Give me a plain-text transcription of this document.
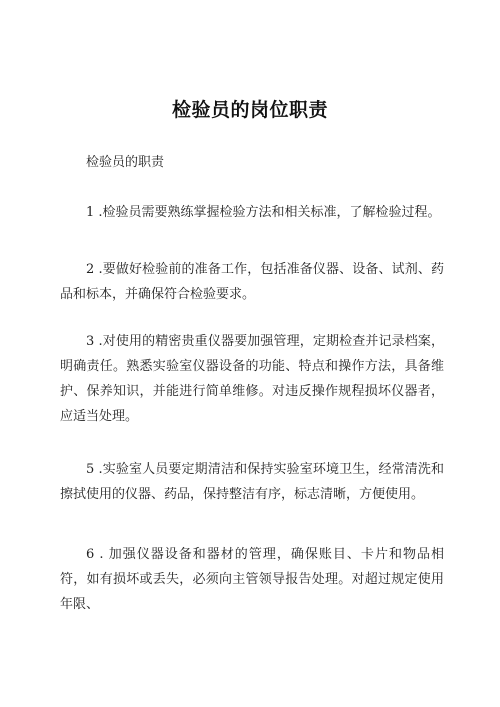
检验员的岗位职责

检验员的职责

1 .检验员需要熟练掌握检验方法和相关标准，了解检验过程。

2 .要做好检验前的准备工作，包括准备仪器、设备、试剂、药品和标本，并确保符合检验要求。

3 .对使用的精密贵重仪器要加强管理，定期检查并记录档案，明确责任。熟悉实验室仪器设备的功能、特点和操作方法，具备维护、保养知识，并能进行简单维修。对违反操作规程损坏仪器者，应适当处理。

5 .实验室人员要定期清洁和保持实验室环境卫生，经常清洗和擦拭使用的仪器、药品，保持整洁有序，标志清晰，方便使用。

6 . 加强仪器设备和器材的管理，确保账目、卡片和物品相符，如有损坏或丢失，必须向主管领导报告处理。对超过规定使用年限、
